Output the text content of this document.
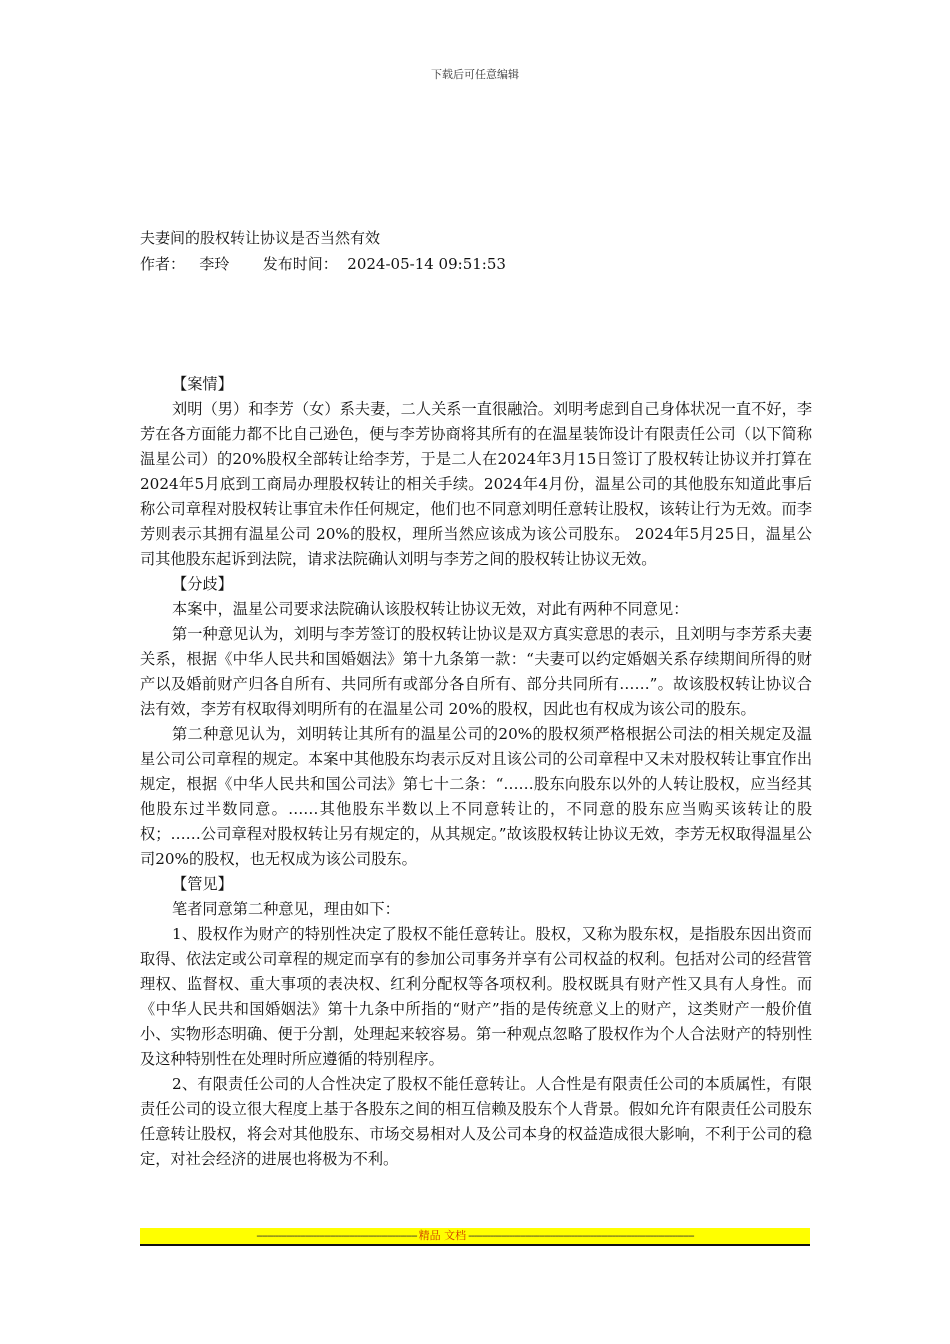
下载后可任意编辑
夫妻间的股权转让协议是否当然有效
作者： 李玲 发布时间： 2024-05-14 09:51:53

【案情】

刘明（男）和李芳（女）系夫妻，二人关系一直很融洽。刘明考虑到自己身体状况一直不好，李芳在各方面能力都不比自己逊色，便与李芳协商将其所有的在温星装饰设计有限责任公司（以下简称温星公司）的20%股权全部转让给李芳，于是二人在2024年3月15日签订了股权转让协议并打算在2024年5月底到工商局办理股权转让的相关手续。2024年4月份，温星公司的其他股东知道此事后称公司章程对股权转让事宜未作任何规定，他们也不同意刘明任意转让股权，该转让行为无效。而李芳则表示其拥有温星公司 20%的股权，理所当然应该成为该公司股东。 2024年5月25日，温星公司其他股东起诉到法院，请求法院确认刘明与李芳之间的股权转让协议无效。

【分歧】

本案中，温星公司要求法院确认该股权转让协议无效，对此有两种不同意见：

第一种意见认为，刘明与李芳签订的股权转让协议是双方真实意思的表示，且刘明与李芳系夫妻关系，根据《中华人民共和国婚姻法》第十九条第一款：“夫妻可以约定婚姻关系存续期间所得的财产以及婚前财产归各自所有、共同所有或部分各自所有、部分共同所有……”。故该股权转让协议合法有效，李芳有权取得刘明所有的在温星公司 20%的股权，因此也有权成为该公司的股东。

第二种意见认为，刘明转让其所有的温星公司的20%的股权须严格根据公司法的相关规定及温星公司公司章程的规定。本案中其他股东均表示反对且该公司的公司章程中又未对股权转让事宜作出规定，根据《中华人民共和国公司法》第七十二条：“……股东向股东以外的人转让股权，应当经其他股东过半数同意。……其他股东半数以上不同意转让的，不同意的股东应当购买该转让的股权；……公司章程对股权转让另有规定的，从其规定。”故该股权转让协议无效，李芳无权取得温星公司20%的股权，也无权成为该公司股东。

【管见】

笔者同意第二种意见，理由如下：

1、股权作为财产的特别性决定了股权不能任意转让。股权，又称为股东权，是指股东因出资而取得、依法定或公司章程的规定而享有的参加公司事务并享有公司权益的权利。包括对公司的经营管理权、监督权、重大事项的表决权、红利分配权等各项权利。股权既具有财产性又具有人身性。而《中华人民共和国婚姻法》第十九条中所指的“财产”指的是传统意义上的财产，这类财产一般价值小、实物形态明确、便于分割，处理起来较容易。第一种观点忽略了股权作为个人合法财产的特别性及这种特别性在处理时所应遵循的特别程序。

2、有限责任公司的人合性决定了股权不能任意转让。人合性是有限责任公司的本质属性，有限责任公司的设立很大程度上基于各股东之间的相互信赖及股东个人背景。假如允许有限责任公司股东任意转让股权，将会对其他股东、市场交易相对人及公司本身的权益造成很大影响，不利于公司的稳定，对社会经济的进展也将极为不利。

----------------------------------------------------------- 精品 文档 -----------------------------------------------------------------------------------
